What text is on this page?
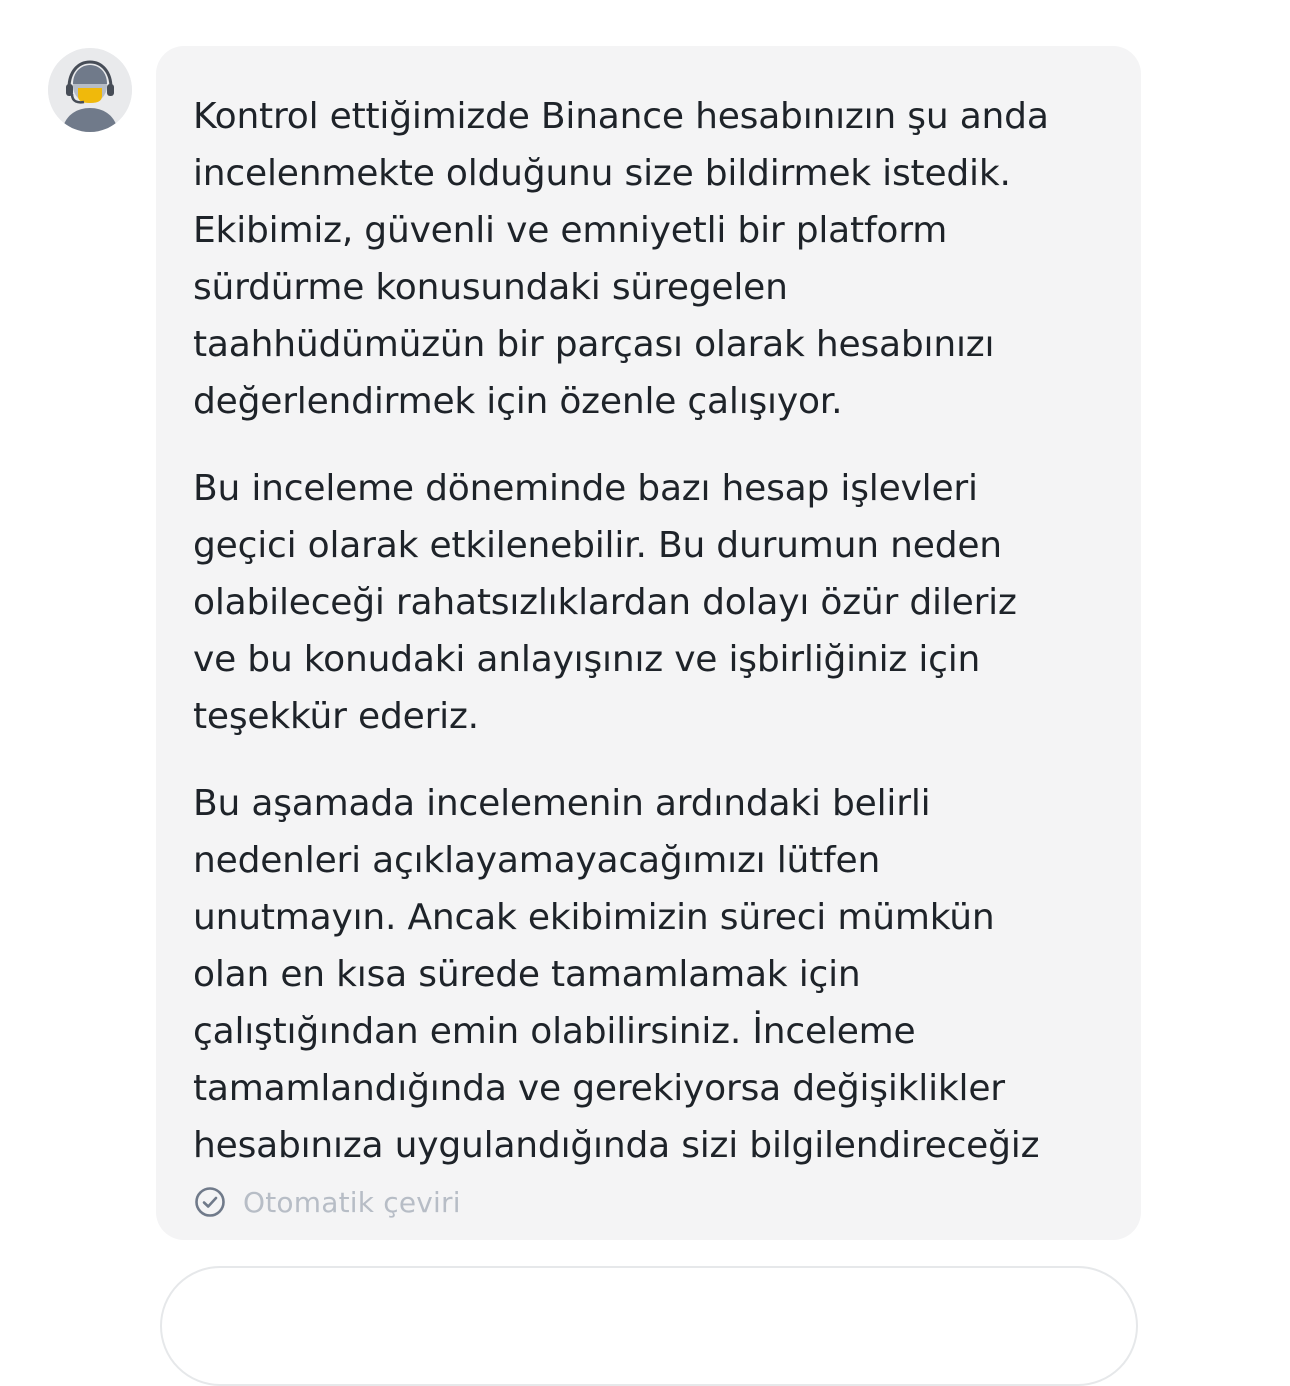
Kontrol ettiğimizde Binance hesabınızın şu anda
incelenmekte olduğunu size bildirmek istedik.
Ekibimiz, güvenli ve emniyetli bir platform
sürdürme konusundaki süregelen
taahhüdümüzün bir parçası olarak hesabınızı
değerlendirmek için özenle çalışıyor.

Bu inceleme döneminde bazı hesap işlevleri
geçici olarak etkilenebilir. Bu durumun neden
olabileceği rahatsızlıklardan dolayı özür dileriz
ve bu konudaki anlayışınız ve işbirliğiniz için
teşekkür ederiz.

Bu aşamada incelemenin ardındaki belirli
nedenleri açıklayamayacağımızı lütfen
unutmayın. Ancak ekibimizin süreci mümkün
olan en kısa sürede tamamlamak için
çalıştığından emin olabilirsiniz. İnceleme
tamamlandığında ve gerekiyorsa değişiklikler
hesabınıza uygulandığında sizi bilgilendireceğiz

Otomatik çeviri
